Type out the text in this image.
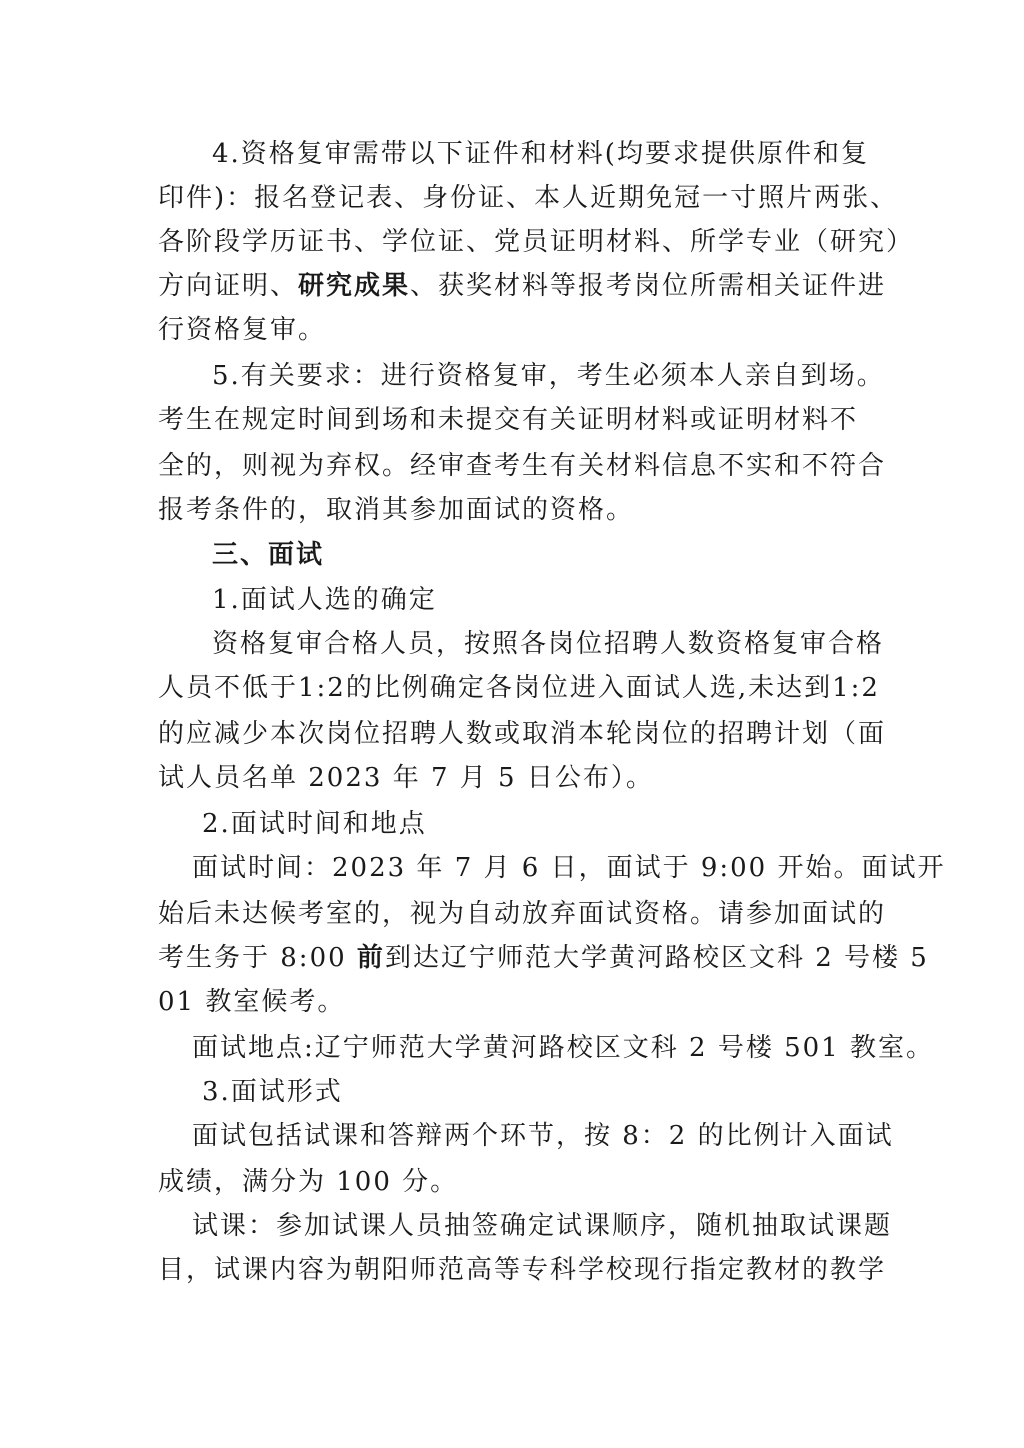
4.资格复审需带以下证件和材料(均要求提供原件和复
印件)：报名登记表、身份证、本人近期免冠一寸照片两张、
各阶段学历证书、学位证、党员证明材料、所学专业（研究）
方向证明、研究成果、获奖材料等报考岗位所需相关证件进
行资格复审。
5.有关要求：进行资格复审，考生必须本人亲自到场。
考生在规定时间到场和未提交有关证明材料或证明材料不
全的，则视为弃权。经审查考生有关材料信息不实和不符合
报考条件的，取消其参加面试的资格。
三、面试
1.面试人选的确定
资格复审合格人员，按照各岗位招聘人数资格复审合格
人员不低于1:2的比例确定各岗位进入面试人选,未达到1:2
的应减少本次岗位招聘人数或取消本轮岗位的招聘计划（面
试人员名单 2023 年 7 月 5 日公布）。
2.面试时间和地点
面试时间：2023 年 7 月 6 日，面试于 9:00 开始。面试开
始后未达候考室的，视为自动放弃面试资格。请参加面试的
考生务于 8:00 前到达辽宁师范大学黄河路校区文科 2 号楼 5
01 教室候考。
面试地点:辽宁师范大学黄河路校区文科 2 号楼 501 教室。
3.面试形式
面试包括试课和答辩两个环节，按 8：2 的比例计入面试
成绩，满分为 100 分。
试课：参加试课人员抽签确定试课顺序，随机抽取试课题
目，试课内容为朝阳师范高等专科学校现行指定教材的教学
